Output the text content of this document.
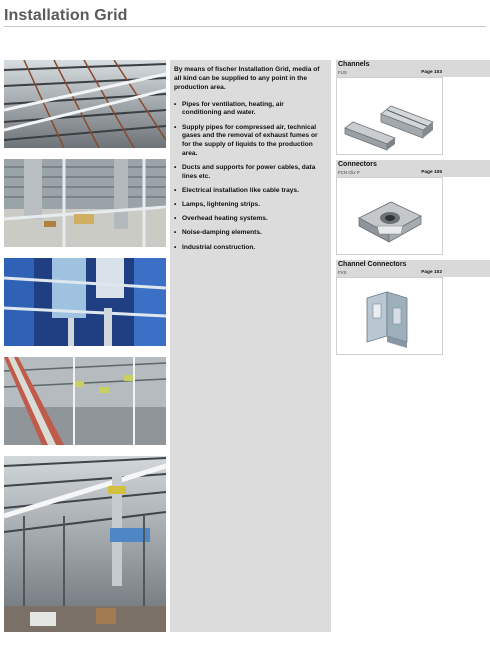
Installation Grid
By means of fischer Installation Grid, media of all kind can be supplied to any point in the production area.
• Pipes for ventilation, heating, air conditioning and water.
• Supply pipes for compressed air, technical gases and the removal of exhaust fumes or for the supply of liquids to the production area.
• Ducts and supports for power cables, data lines etc.
• Electrical installation like cable trays.
• Lamps, lightening strips.
• Overhead heating systems.
• Noise-damping elements.
• Industrial construction.
Channels
FUS	Page 103
Connectors
FCN Clix P	Page 105
Channel Connectors
FVS	Page 102
